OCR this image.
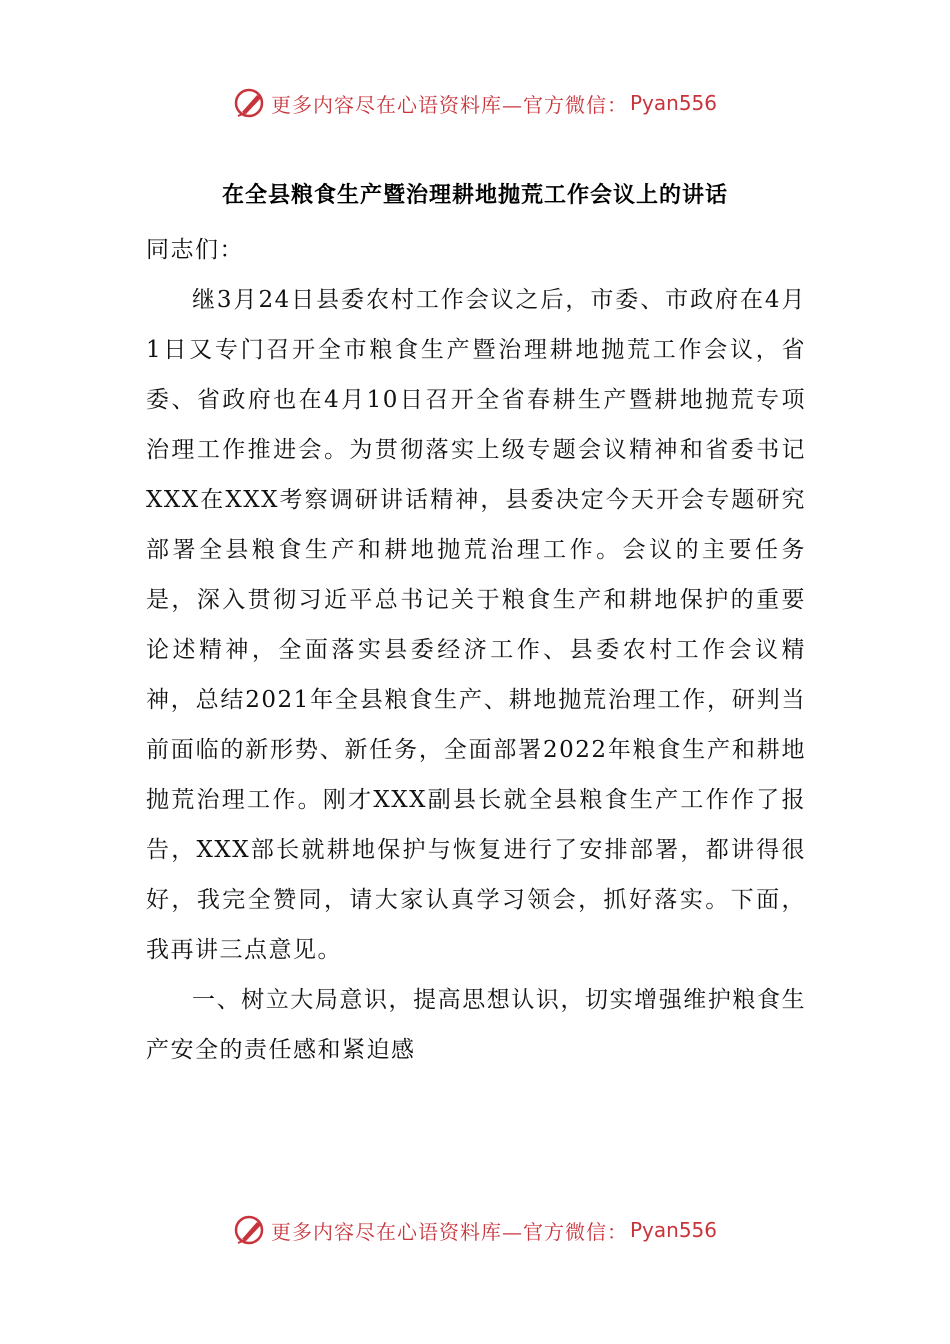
更多内容尽在心语资料库—官方微信： Pyan556
在全县粮食生产暨治理耕地抛荒工作会议上的讲话

同志们：

继3月24日县委农村工作会议之后，市委、市政府在4月1日又专门召开全市粮食生产暨治理耕地抛荒工作会议，省委、省政府也在4月10日召开全省春耕生产暨耕地抛荒专项治理工作推进会。为贯彻落实上级专题会议精神和省委书记XXX在XXX考察调研讲话精神，县委决定今天开会专题研究部署全县粮食生产和耕地抛荒治理工作。会议的主要任务是，深入贯彻习近平总书记关于粮食生产和耕地保护的重要论述精神，全面落实县委经济工作、县委农村工作会议精神，总结2021年全县粮食生产、耕地抛荒治理工作，研判当前面临的新形势、新任务，全面部署2022年粮食生产和耕地抛荒治理工作。刚才XXX副县长就全县粮食生产工作作了报告，XXX部长就耕地保护与恢复进行了安排部署，都讲得很好，我完全赞同，请大家认真学习领会，抓好落实。下面，我再讲三点意见。

一、树立大局意识，提高思想认识，切实增强维护粮食生产安全的责任感和紧迫感

更多内容尽在心语资料库—官方微信： Pyan556
